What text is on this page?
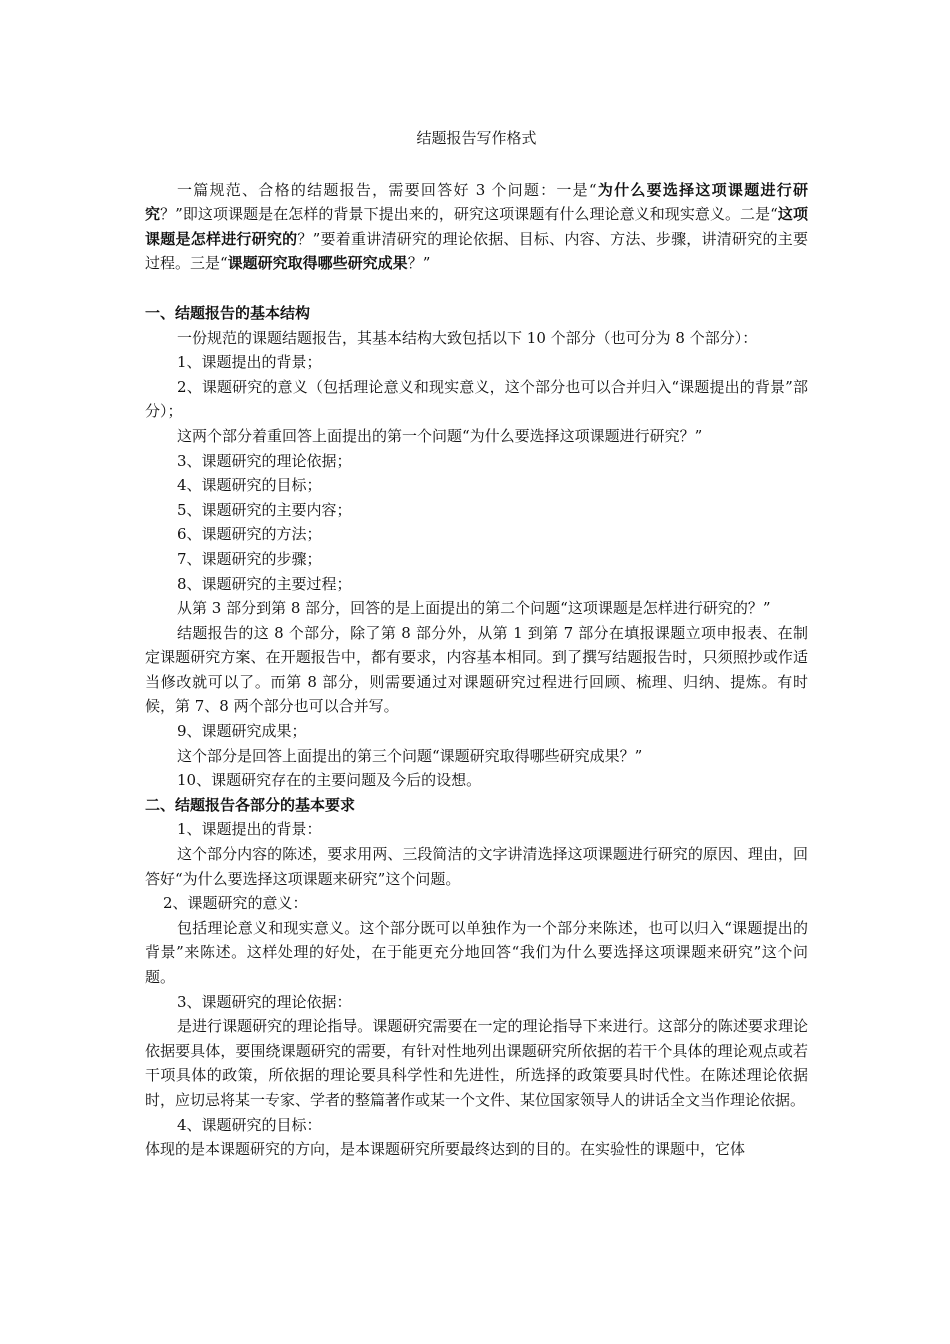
结题报告写作格式

一篇规范、合格的结题报告，需要回答好 3 个问题：一是“为什么要选择这项课题进行研究？”即这项课题是在怎样的背景下提出来的，研究这项课题有什么理论意义和现实意义。二是“这项课题是怎样进行研究的？”要着重讲清研究的理论依据、目标、内容、方法、步骤，讲清研究的主要过程。三是“课题研究取得哪些研究成果？”

一、结题报告的基本结构

一份规范的课题结题报告，其基本结构大致包括以下 10 个部分（也可分为 8 个部分）：

1、课题提出的背景；

2、课题研究的意义（包括理论意义和现实意义，这个部分也可以合并归入“课题提出的背景”部分）；

这两个部分着重回答上面提出的第一个问题“为什么要选择这项课题进行研究？”

3、课题研究的理论依据；

4、课题研究的目标；

5、课题研究的主要内容；

6、课题研究的方法；

7、课题研究的步骤；

8、课题研究的主要过程；

从第 3 部分到第 8 部分，回答的是上面提出的第二个问题“这项课题是怎样进行研究的？”

结题报告的这 8 个部分，除了第 8 部分外，从第 1 到第 7 部分在填报课题立项申报表、在制定课题研究方案、在开题报告中，都有要求，内容基本相同。到了撰写结题报告时，只须照抄或作适当修改就可以了。而第 8 部分，则需要通过对课题研究过程进行回顾、梳理、归纳、提炼。有时候，第 7、8 两个部分也可以合并写。

9、课题研究成果；

这个部分是回答上面提出的第三个问题“课题研究取得哪些研究成果？”

10、课题研究存在的主要问题及今后的设想。

二、结题报告各部分的基本要求

1、课题提出的背景：

这个部分内容的陈述，要求用两、三段简洁的文字讲清选择这项课题进行研究的原因、理由，回答好“为什么要选择这项课题来研究”这个问题。

2、课题研究的意义：

包括理论意义和现实意义。这个部分既可以单独作为一个部分来陈述，也可以归入“课题提出的背景”来陈述。这样处理的好处，在于能更充分地回答“我们为什么要选择这项课题来研究”这个问题。

3、课题研究的理论依据：

是进行课题研究的理论指导。课题研究需要在一定的理论指导下来进行。这部分的陈述要求理论依据要具体，要围绕课题研究的需要，有针对性地列出课题研究所依据的若干个具体的理论观点或若干项具体的政策，所依据的理论要具科学性和先进性，所选择的政策要具时代性。在陈述理论依据时，应切忌将某一专家、学者的整篇著作或某一个文件、某位国家领导人的讲话全文当作理论依据。

4、课题研究的目标：

体现的是本课题研究的方向，是本课题研究所要最终达到的目的。在实验性的课题中，它体
